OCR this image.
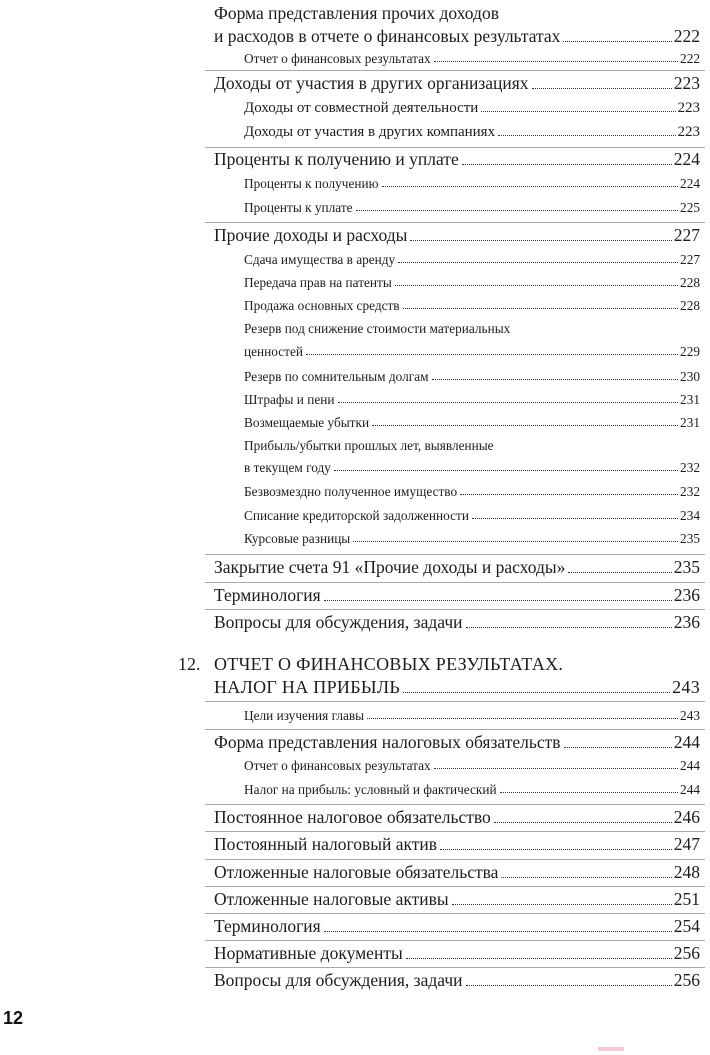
Форма представления прочих доходов
и расходов в отчете о финансовых результатах	222
Отчет о финансовых результатах	222
Доходы от участия в других организациях	223
Доходы от совместной деятельности	223
Доходы от участия в других компаниях	223
Проценты к получению и уплате	224
Проценты к получению	224
Проценты к уплате	225
Прочие доходы и расходы	227
Сдача имущества в аренду	227
Передача прав на патенты	228
Продажа основных средств	228
Резерв под снижение стоимости материальных
ценностей	229
Резерв по сомнительным долгам	230
Штрафы и пени	231
Возмещаемые убытки	231
Прибыль/убытки прошлых лет, выявленные
в текущем году	232
Безвозмездно полученное имущество	232
Списание кредиторской задолженности	234
Курсовые разницы	235
Закрытие счета 91 «Прочие доходы и расходы»	235
Терминология	236
Вопросы для обсуждения, задачи	236
12. ОТЧЕТ О ФИНАНСОВЫХ РЕЗУЛЬТАТАХ.
НАЛОГ НА ПРИБЫЛЬ	243
Цели изучения главы	243
Форма представления налоговых обязательств	244
Отчет о финансовых результатах	244
Налог на прибыль: условный и фактический	244
Постоянное налоговое обязательство	246
Постоянный налоговый актив	247
Отложенные налоговые обязательства	248
Отложенные налоговые активы	251
Терминология	254
Нормативные документы	256
Вопросы для обсуждения, задачи	256
12
